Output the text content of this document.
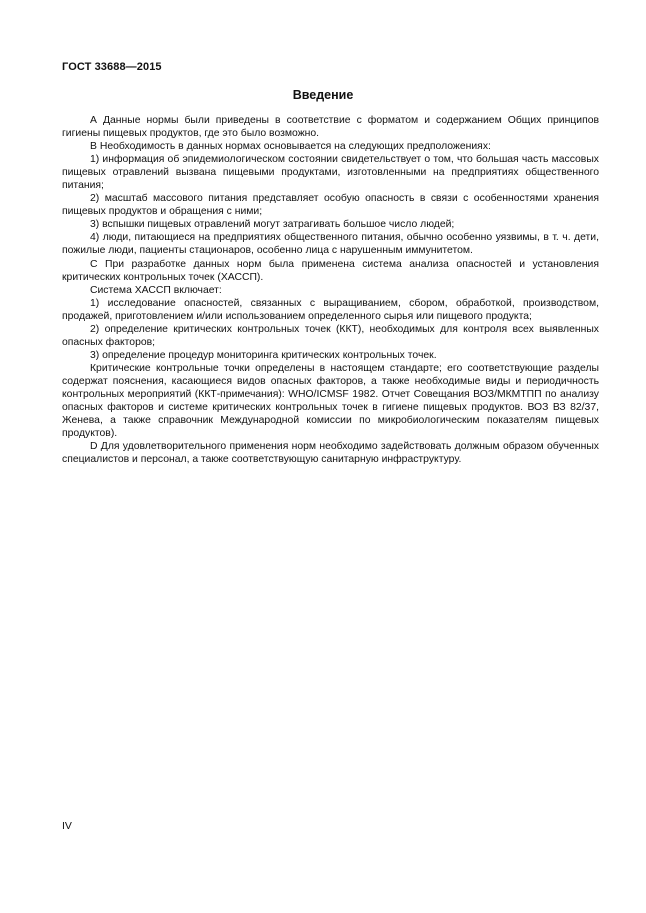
ГОСТ 33688—2015
Введение

А Данные нормы были приведены в соответствие с форматом и содержанием Общих принципов гигиены пищевых продуктов, где это было возможно.

В Необходимость в данных нормах основывается на следующих предположениях:

1) информация об эпидемиологическом состоянии свидетельствует о том, что большая часть массовых пищевых отравлений вызвана пищевыми продуктами, изготовленными на предприятиях общественного питания;

2) масштаб массового питания представляет особую опасность в связи с особенностями хранения пищевых продуктов и обращения с ними;

3) вспышки пищевых отравлений могут затрагивать большое число людей;

4) люди, питающиеся на предприятиях общественного питания, обычно особенно уязвимы, в т. ч. дети, пожилые люди, пациенты стационаров, особенно лица с нарушенным иммунитетом.

С При разработке данных норм была применена система анализа опасностей и установления критических контрольных точек (ХАССП).

Система ХАССП включает:

1) исследование опасностей, связанных с выращиванием, сбором, обработкой, производством, продажей, приготовлением и/или использованием определенного сырья или пищевого продукта;

2) определение критических контрольных точек (ККТ), необходимых для контроля всех выявленных опасных факторов;

3) определение процедур мониторинга критических контрольных точек.

Критические контрольные точки определены в настоящем стандарте; его соответствующие разделы содержат пояснения, касающиеся видов опасных факторов, а также необходимые виды и периодичность контрольных мероприятий (ККТ-примечания): WHO/ICMSF 1982. Отчет Совещания ВОЗ/МКМТПП по анализу опасных факторов и системе критических контрольных точек в гигиене пищевых продуктов. ВОЗ ВЗ 82/37, Женева, а также справочник Международной комиссии по микробиологическим показателям пищевых продуктов).

D Для удовлетворительного применения норм необходимо задействовать должным образом обученных специалистов и персонал, а также соответствующую санитарную инфраструктуру.

IV
